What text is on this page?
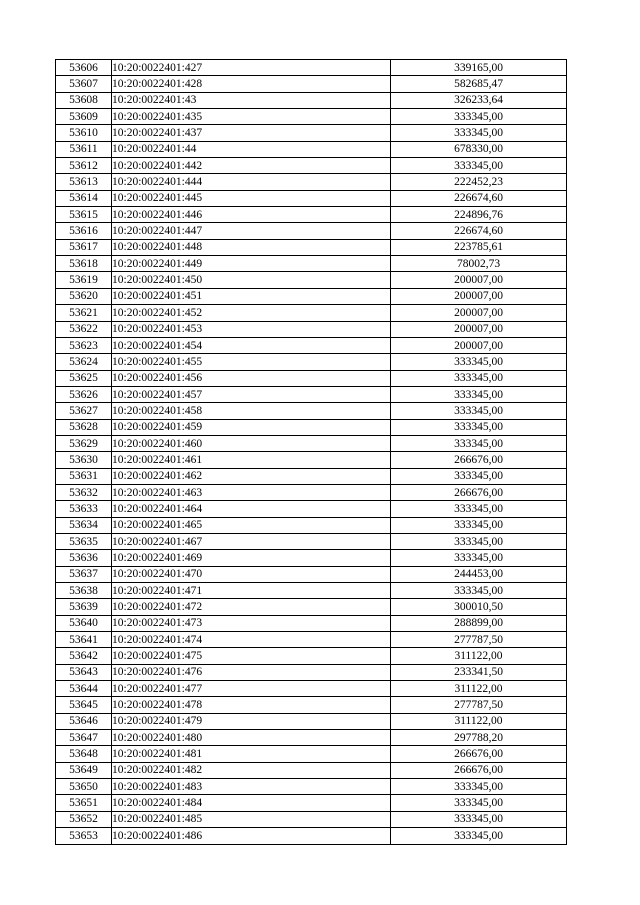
53606	10:20:0022401:427	339165,00
53607	10:20:0022401:428	582685,47
53608	10:20:0022401:43	326233,64
53609	10:20:0022401:435	333345,00
53610	10:20:0022401:437	333345,00
53611	10:20:0022401:44	678330,00
53612	10:20:0022401:442	333345,00
53613	10:20:0022401:444	222452,23
53614	10:20:0022401:445	226674,60
53615	10:20:0022401:446	224896,76
53616	10:20:0022401:447	226674,60
53617	10:20:0022401:448	223785,61
53618	10:20:0022401:449	78002,73
53619	10:20:0022401:450	200007,00
53620	10:20:0022401:451	200007,00
53621	10:20:0022401:452	200007,00
53622	10:20:0022401:453	200007,00
53623	10:20:0022401:454	200007,00
53624	10:20:0022401:455	333345,00
53625	10:20:0022401:456	333345,00
53626	10:20:0022401:457	333345,00
53627	10:20:0022401:458	333345,00
53628	10:20:0022401:459	333345,00
53629	10:20:0022401:460	333345,00
53630	10:20:0022401:461	266676,00
53631	10:20:0022401:462	333345,00
53632	10:20:0022401:463	266676,00
53633	10:20:0022401:464	333345,00
53634	10:20:0022401:465	333345,00
53635	10:20:0022401:467	333345,00
53636	10:20:0022401:469	333345,00
53637	10:20:0022401:470	244453,00
53638	10:20:0022401:471	333345,00
53639	10:20:0022401:472	300010,50
53640	10:20:0022401:473	288899,00
53641	10:20:0022401:474	277787,50
53642	10:20:0022401:475	311122,00
53643	10:20:0022401:476	233341,50
53644	10:20:0022401:477	311122,00
53645	10:20:0022401:478	277787,50
53646	10:20:0022401:479	311122,00
53647	10:20:0022401:480	297788,20
53648	10:20:0022401:481	266676,00
53649	10:20:0022401:482	266676,00
53650	10:20:0022401:483	333345,00
53651	10:20:0022401:484	333345,00
53652	10:20:0022401:485	333345,00
53653	10:20:0022401:486	333345,00
